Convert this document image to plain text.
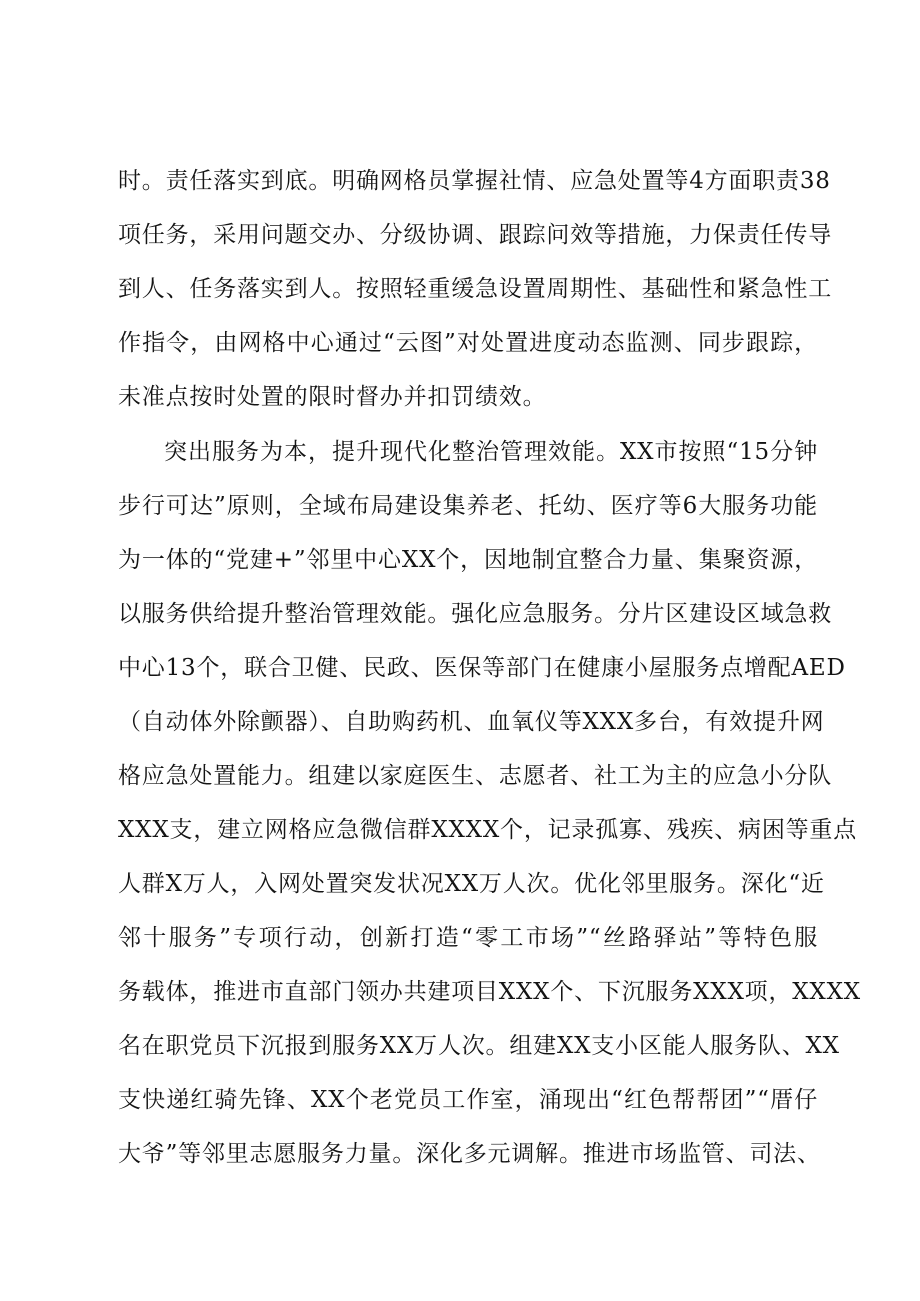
时。责任落实到底。明确网格员掌握社情、应急处置等4方面职责38
项任务，采用问题交办、分级协调、跟踪问效等措施，力保责任传导
到人、任务落实到人。按照轻重缓急设置周期性、基础性和紧急性工
作指令，由网格中心通过“云图”对处置进度动态监测、同步跟踪，
未准点按时处置的限时督办并扣罚绩效。
突出服务为本，提升现代化整治管理效能。XX市按照“15分钟
步行可达”原则，全域布局建设集养老、托幼、医疗等6大服务功能
为一体的“党建+”邻里中心XX个，因地制宜整合力量、集聚资源，
以服务供给提升整治管理效能。强化应急服务。分片区建设区域急救
中心13个，联合卫健、民政、医保等部门在健康小屋服务点增配AED
（自动体外除颤器）、自助购药机、血氧仪等XXX多台，有效提升网
格应急处置能力。组建以家庭医生、志愿者、社工为主的应急小分队
XXX支，建立网格应急微信群XXXX个，记录孤寡、残疾、病困等重点
人群X万人，入网处置突发状况XX万人次。优化邻里服务。深化“近
邻十服务”专项行动，创新打造“零工市场”“丝路驿站”等特色服
务载体，推进市直部门领办共建项目XXX个、下沉服务XXX项，XXXX
名在职党员下沉报到服务XX万人次。组建XX支小区能人服务队、XX
支快递红骑先锋、XX个老党员工作室，涌现出“红色帮帮团”“厝仔
大爷”等邻里志愿服务力量。深化多元调解。推进市场监管、司法、
